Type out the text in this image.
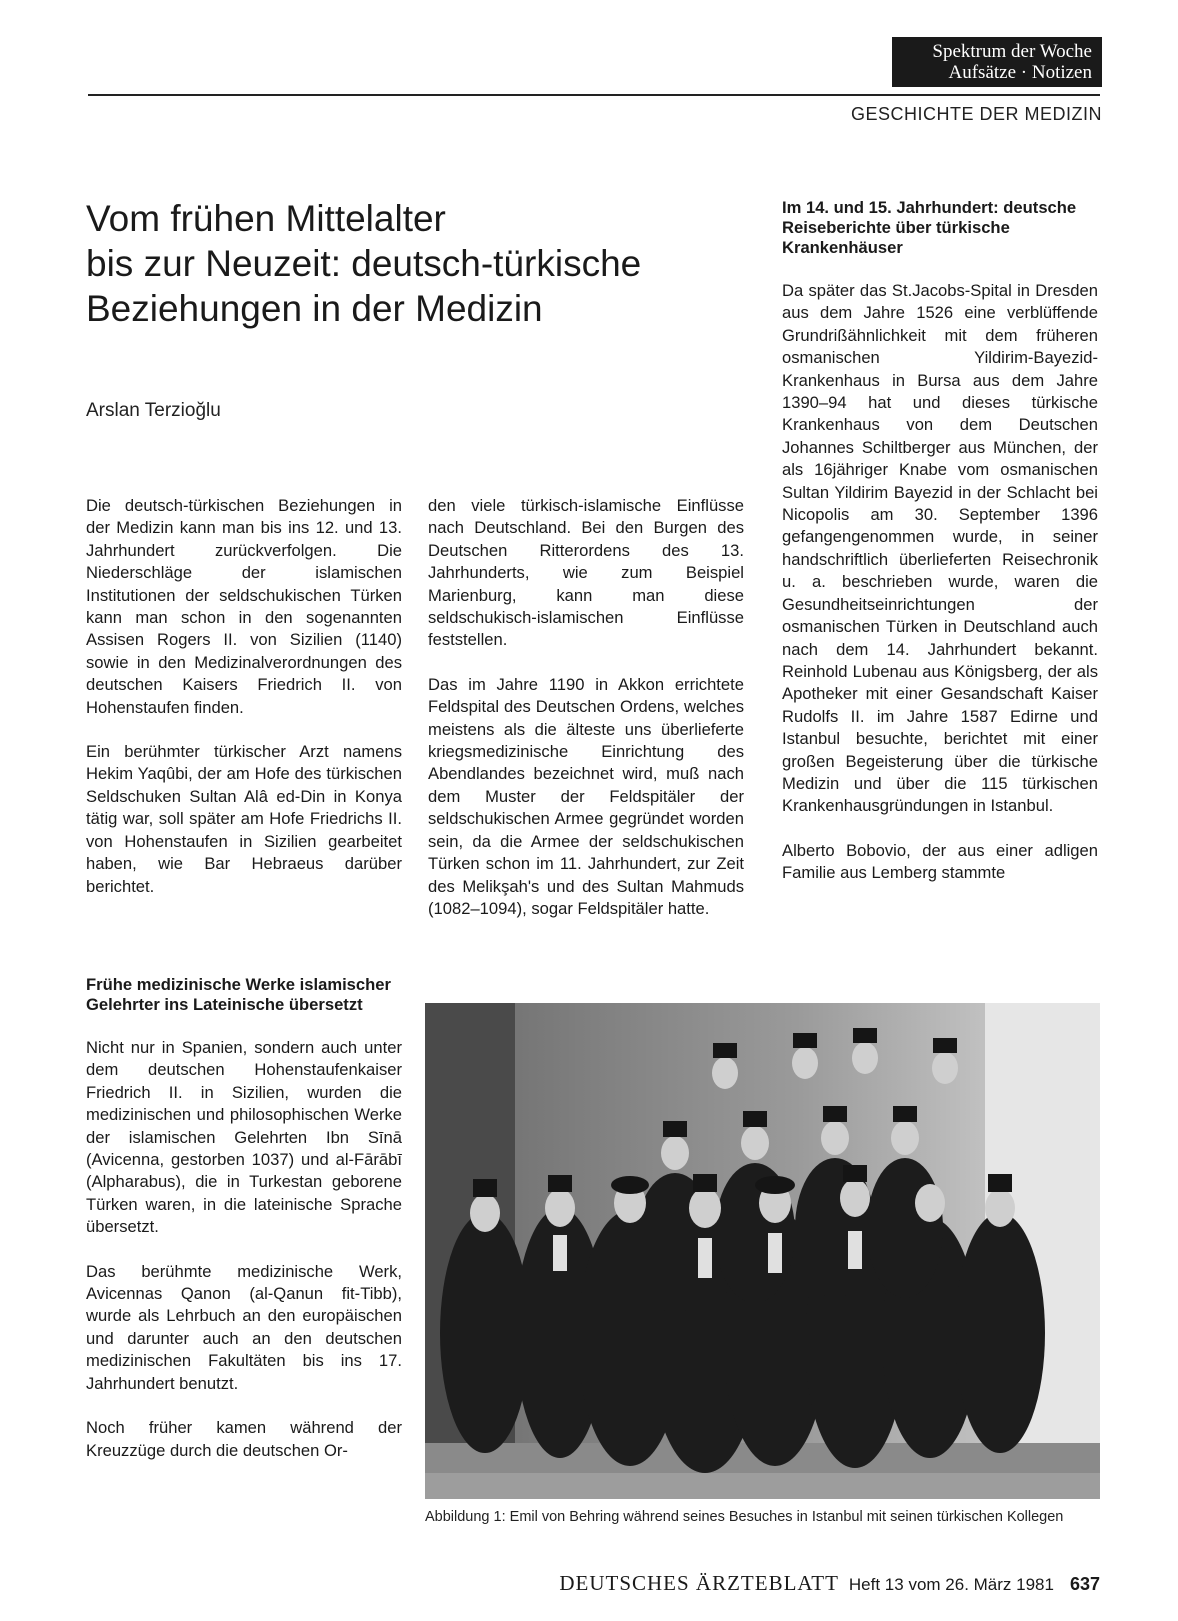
Spektrum der Woche
Aufsätze · Notizen
GESCHICHTE DER MEDIZIN
Vom frühen Mittelalter
bis zur Neuzeit: deutsch-türkische
Beziehungen in der Medizin
Arslan Terzioğlu

Die deutsch-türkischen Beziehungen in der Medizin kann man bis ins 12. und 13. Jahrhundert zurückverfolgen. Die Niederschläge der islamischen Institutionen der seldschukischen Türken kann man schon in den sogenannten Assisen Rogers II. von Sizilien (1140) sowie in den Medizinalverordnungen des deutschen Kaisers Friedrich II. von Hohenstaufen finden.

Ein berühmter türkischer Arzt namens Hekim Yaqûbi, der am Hofe des türkischen Seldschuken Sultan Alâ ed-Din in Konya tätig war, soll später am Hofe Friedrichs II. von Hohenstaufen in Sizilien gearbeitet haben, wie Bar Hebraeus darüber berichtet.

Frühe medizinische Werke islamischer Gelehrter ins Lateinische übersetzt

Nicht nur in Spanien, sondern auch unter dem deutschen Hohenstaufenkaiser Friedrich II. in Sizilien, wurden die medizinischen und philosophischen Werke der islamischen Gelehrten Ibn Sīnā (Avicenna, gestorben 1037) und al-Fārābī (Alpharabus), die in Turkestan geborene Türken waren, in die lateinische Sprache übersetzt.

Das berühmte medizinische Werk, Avicennas Qanon (al-Qanun fit-Tibb), wurde als Lehrbuch an den europäischen und darunter auch an den deutschen medizinischen Fakultäten bis ins 17. Jahrhundert benutzt.

Noch früher kamen während der Kreuzzüge durch die deutschen Or-

den viele türkisch-islamische Einflüsse nach Deutschland. Bei den Burgen des Deutschen Ritterordens des 13. Jahrhunderts, wie zum Beispiel Marienburg, kann man diese seldschukisch-islamischen Einflüsse feststellen.

Das im Jahre 1190 in Akkon errichtete Feldspital des Deutschen Ordens, welches meistens als die älteste uns überlieferte kriegsmedizinische Einrichtung des Abendlandes bezeichnet wird, muß nach dem Muster der Feldspitäler der seldschukischen Armee gegründet worden sein, da die Armee der seldschukischen Türken schon im 11. Jahrhundert, zur Zeit des Melikşah's und des Sultan Mahmuds (1082–1094), sogar Feldspitäler hatte.

Im 14. und 15. Jahrhundert: deutsche Reiseberichte über türkische Krankenhäuser

Da später das St.Jacobs-Spital in Dresden aus dem Jahre 1526 eine verblüffende Grundrißähnlichkeit mit dem früheren osmanischen Yildirim-Bayezid-Krankenhaus in Bursa aus dem Jahre 1390–94 hat und dieses türkische Krankenhaus von dem Deutschen Johannes Schiltberger aus München, der als 16jähriger Knabe vom osmanischen Sultan Yildirim Bayezid in der Schlacht bei Nicopolis am 30. September 1396 gefangengenommen wurde, in seiner handschriftlich überlieferten Reisechronik u. a. beschrieben wurde, waren die Gesundheitseinrichtungen der osmanischen Türken in Deutschland auch nach dem 14. Jahrhundert bekannt. Reinhold Lubenau aus Königsberg, der als Apotheker mit einer Gesandschaft Kaiser Rudolfs II. im Jahre 1587 Edirne und Istanbul besuchte, berichtet mit einer großen Begeisterung über die türkische Medizin und über die 115 türkischen Krankenhausgründungen in Istanbul.

Alberto Bobovio, der aus einer adligen Familie aus Lemberg stammte

Abbildung 1: Emil von Behring während seines Besuches in Istanbul mit seinen türkischen Kollegen
DEUTSCHES ÄRZTEBLATT Heft 13 vom 26. März 1981 637
